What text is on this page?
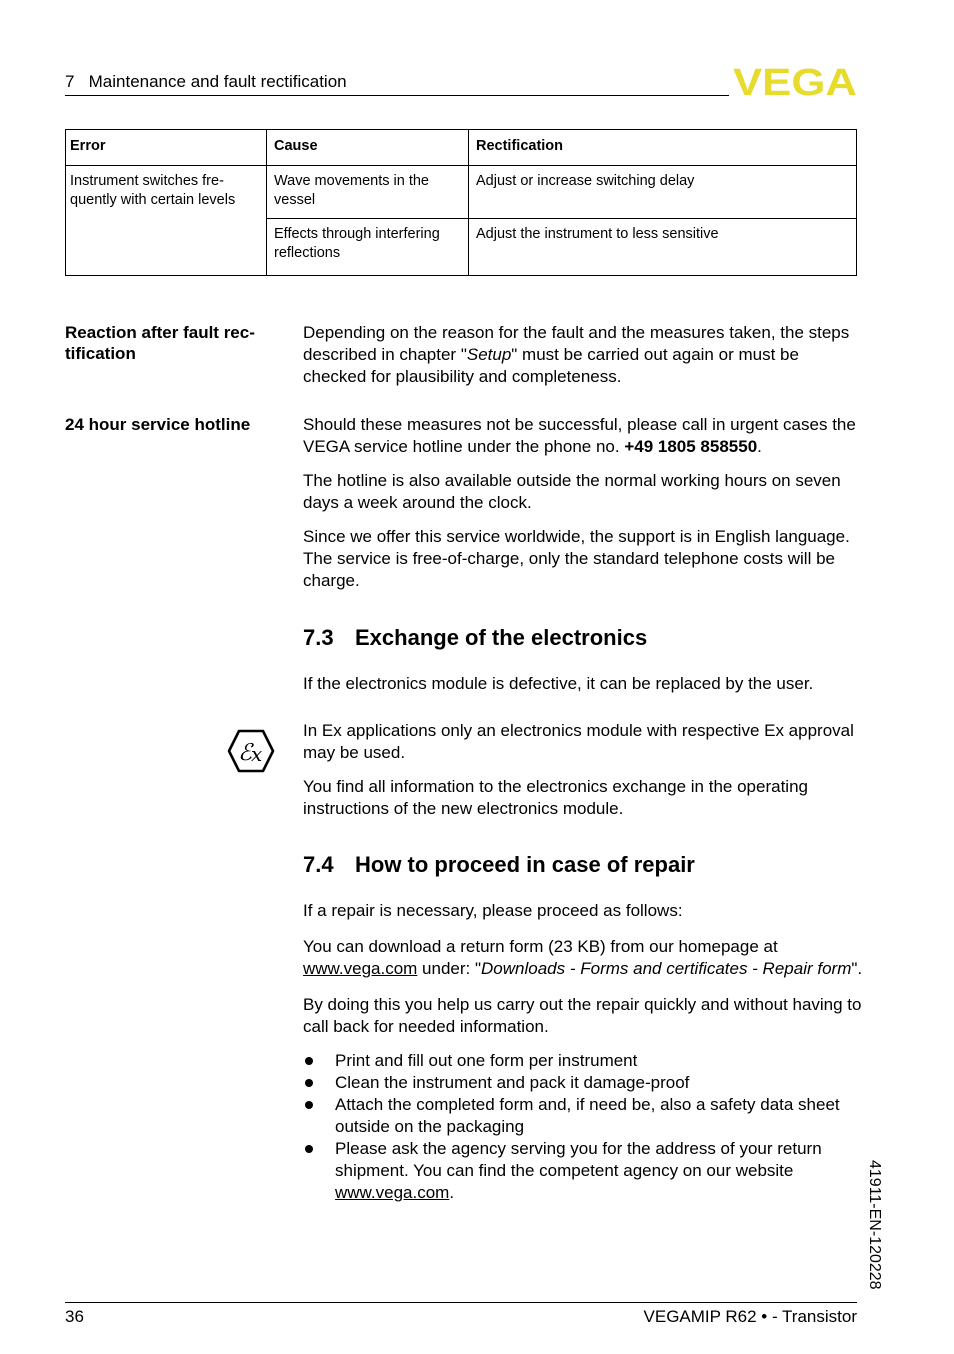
7   Maintenance and fault rectification	VEGA
Error	Cause	Rectification

Instrument switches fre-quently with certain levels	Wave movements in the vessel	Adjust or increase switching delay
	Effects through interfering reflections	Adjust the instrument to less sensitive
Reaction after fault rec-tification

Depending on the reason for the fault and the measures taken, the steps described in chapter "Setup" must be carried out again or must be checked for plausibility and completeness.

24 hour service hotline	Should these measures not be successful, please call in urgent cases the VEGA service hotline under the phone no. +49 1805 858550.

The hotline is also available outside the normal working hours on seven days a week around the clock.

Since we offer this service worldwide, the support is in English language. The service is free-of-charge, only the standard telephone costs will be charge.

7.3 Exchange of the electronics
If the electronics module is defective, it can be replaced by the user.
ℰ x

In Ex applications only an electronics module with respective Ex approval may be used.

You find all information to the electronics exchange in the operating instructions of the new electronics module.

7.4 How to proceed in case of repair

If a repair is necessary, please proceed as follows:

You can download a return form (23 KB) from our homepage at www.vega.com under: "Downloads - Forms and certificates - Repair form".

By doing this you help us carry out the repair quickly and without having to call back for needed information.

Print and fill out one form per instrument
Clean the instrument and pack it damage-proof
Attach the completed form and, if need be, also a safety data sheet outside on the packaging
Please ask the agency serving you for the address of your return shipment. You can find the competent agency on our website www.vega.com.	41911-EN-120228
36	VEGAMIP R62 • - Transistor
